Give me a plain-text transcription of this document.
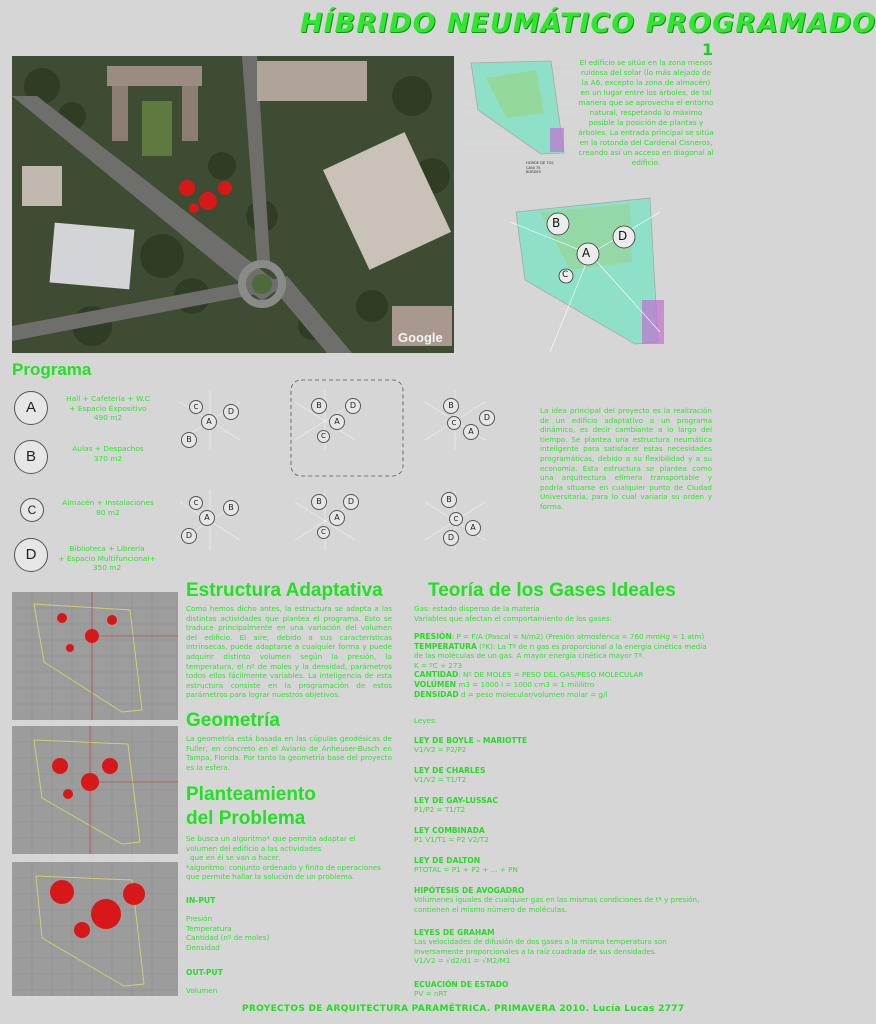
HÍBRIDO NEUMÁTICO PROGRAMADO
1
Google
HORDE DE TOS
CANI 75
BORDES
El edificio se sitúa en la zona menos ruidosa del solar (lo más alejado de la A6, excepto la zona de almacén) en un lugar entre los árboles, de tal manera que se aprovecha el entorno natural, respetando lo máximo posible la posición de plantas y árboles. La entrada principal se sitúa en la rotonda del Cardenal Cisneros, creando así un acceso en diagonal al edificio.
B
A
D
C
Programa
A
Hall + Cafetería + W.C
+ Espacio Expositivo
490 m2
B	Aulas + Despachos
370 m2
C
Almacén + Instalaciones
80 m2
D	Biblioteca + Librería
+ Espacio Multifuncional+
350 m2
C
A
D
B
B
A
D
C
B
C
A
D
C	B
A
D
B	D
A
C
B
C
A
D
La idea principal del proyecto es la realización de un edificio adaptativo a un programa dinámico, es decir cambiante a lo largo del tiempo. Se plantea una estructura neumática inteligente para satisfacer estas necesidades programáticas, debido a su flexibilidad y a su economía. Esta estructura se plantea como una arquitectura efímera transportable y podría situarse en cualquier punto de Ciudad Universitaria, para lo cual variaría su orden y forma.
Estructura Adaptativa
Como hemos dicho antes, la estructura se adapta a las distintas actividades que plantea el programa. Esto se traduce principalmente en una variación del volumen del edificio. El aire, debido a sus características intrínsecas, puede adaptarse a cualquier forma y puede adquirir distinto volumen según la presión, la temperatura, el nº de moles y la densidad, parámetros todos ellos fácilmente variables. La inteligencia de esta estructura consiste en la programación de estos parámetros para lograr nuestros objetivos.
Geometría
La geometría está basada en las cúpulas geodésicas de Fuller, en concreto en el Aviario de Anheuser-Busch en Tampa, Florida. Por tanto la geometría base del proyecto es la esfera.
Planteamiento
del Problema
Se busca un algoritmo* que permita adaptar el volumen del edificio a las actividades
que en él se van a hacer.
*algoritmo: conjunto ordenado y finito de operaciones que permite hallar la solución de un problema.
IN-PUT
Presión
Temperatura
Cantidad (nº de moles)
Densidad
OUT-PUT
Volumen
Teoría de los Gases Ideales
Gas: estado disperso de la materia
Variables que afectan el comportamiento de los gases:
PRESIÓN: P = F/A (Pascal = N/m2) (Presión atmosférica = 760 mmHg = 1 atm)
TEMPERATURA (ºK): La Tª de n gas es proporcional a la energía cinética media de las moléculas de un gas. A mayor energía cinética mayor Tª.
K = ºC + 273
CANTIDAD: Nº DE MOLES = PESO DEL GAS/PESO MOLECULAR
VOLÚMEN m3 = 1000 l = 1000 cm3 = 1 mililitro
DENSIDAD d = peso molecular/volumen molar = g/l
Leyes:
LEY DE BOYLE – MARIOTTE
V1/V2 = P2/P2
LEY DE CHARLES
V1/V2 = T1/T2
LEY DE GAY-LUSSAC
P1/P2 = T1/T2
LEY COMBINADA
P1 V1/T1 = P2 V2/T2
LEY DE DALTON
PTOTAL = P1 + P2 + ... + PN
HIPÓTESIS DE AVOGADRO
Volúmenes iguales de cualquier gas en las mismas condiciones de tª y presión, contienen el mismo número de moléculas.
LEYES DE GRAHAM
Las velocidades de difusión de dos gases a la misma temperatura son inversamente proporcionales a la raíz cuadrada de sus densidades.
V1/V2 = √d2/d1 = √M2/M1
ECUACIÓN DE ESTADO
PV = nRT
PROYECTOS DE ARQUITECTURA PARAMÉTRICA. PRIMAVERA 2010. Lucía Lucas 2777
